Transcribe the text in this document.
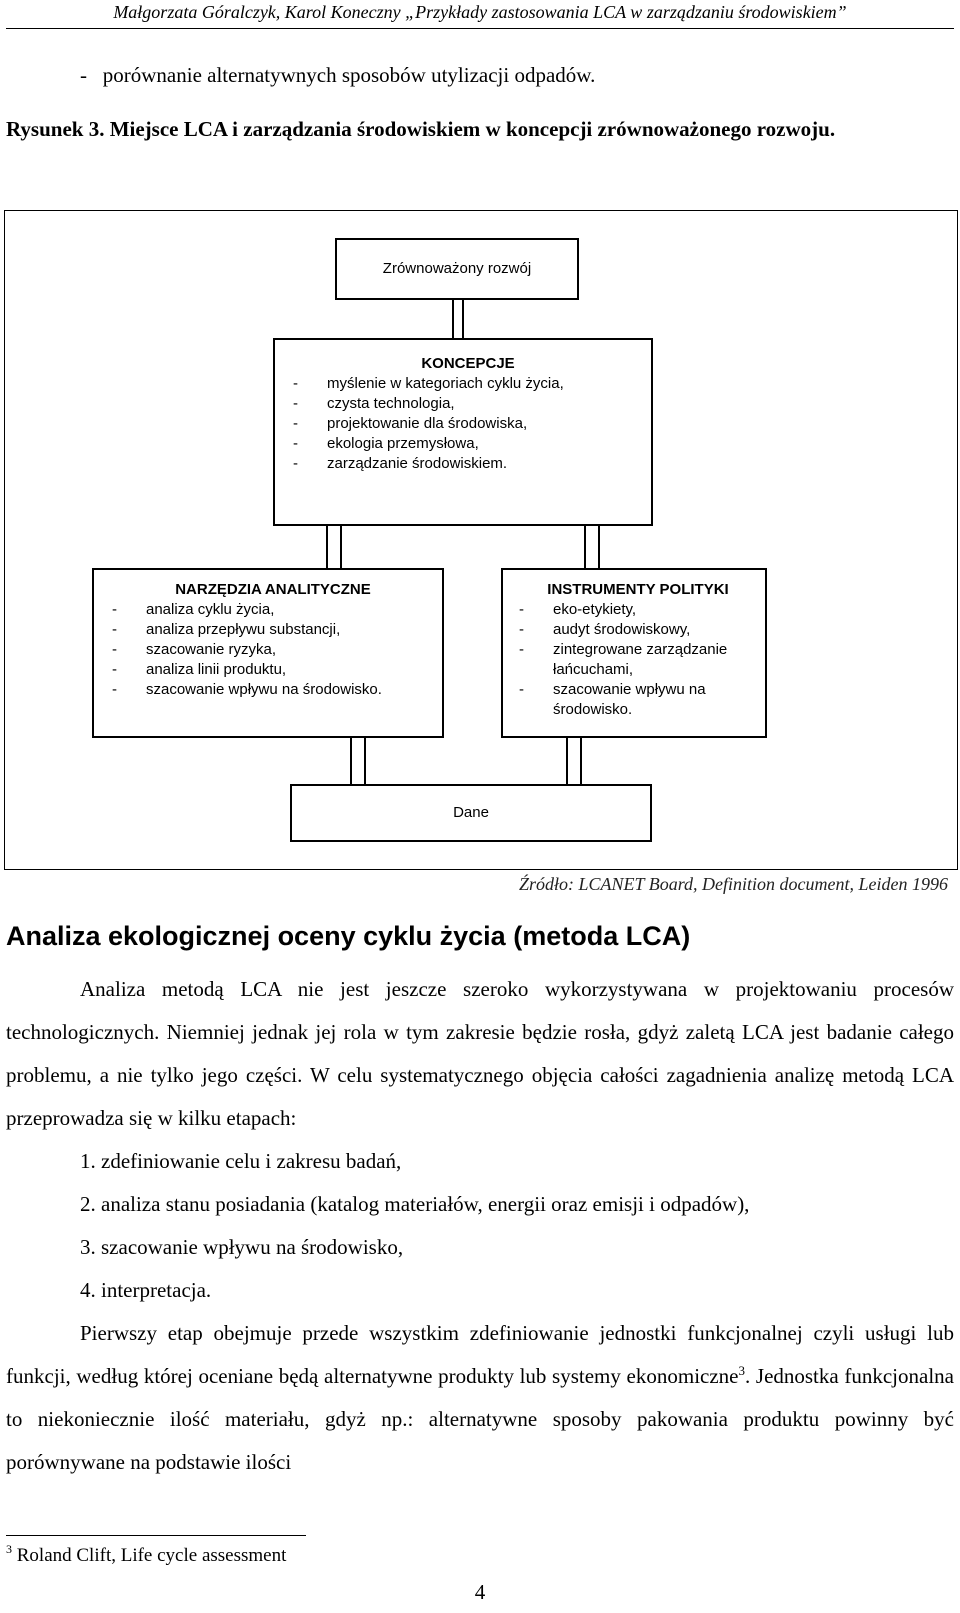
Małgorzata Góralczyk, Karol Koneczny „Przykłady zastosowania LCA w zarządzaniu środowiskiem”
- porównanie alternatywnych sposobów utylizacji odpadów.
Rysunek 3. Miejsce LCA i zarządzania środowiskiem w koncepcji zrównoważonego rozwoju.
Zrównoważony rozwój
KONCEPCJE
- myślenie w kategoriach cyklu życia,
- czysta technologia,
- projektowanie dla środowiska,
- ekologia przemysłowa,
- zarządzanie środowiskiem.
NARZĘDZIA ANALITYCZNE
- analiza cyklu życia,
- analiza przepływu substancji,
- szacowanie ryzyka,
- analiza linii produktu,
- szacowanie wpływu na środowisko.
INSTRUMENTY POLITYKI
- eko-etykiety,
- audyt środowiskowy,
- zintegrowane zarządzanie łańcuchami,
- szacowanie wpływu na środowisko.
Dane
Źródło: LCANET Board, Definition document, Leiden 1996
Analiza ekologicznej oceny cyklu życia (metoda LCA)

Analiza metodą LCA nie jest jeszcze szeroko wykorzystywana w projektowaniu procesów technologicznych. Niemniej jednak jej rola w tym zakresie będzie rosła, gdyż zaletą LCA jest badanie całego problemu, a nie tylko jego części. W celu systematycznego objęcia całości zagadnienia analizę metodą LCA przeprowadza się w kilku etapach:

1. zdefiniowanie celu i zakresu badań,
2. analiza stanu posiadania (katalog materiałów, energii oraz emisji i odpadów),
3. szacowanie wpływu na środowisko,
4. interpretacja.

Pierwszy etap obejmuje przede wszystkim zdefiniowanie jednostki funkcjonalnej czyli usługi lub funkcji, według której oceniane będą alternatywne produkty lub systemy ekonomiczne$^3$. Jednostka funkcjonalna to niekoniecznie ilość materiału, gdyż np.: alternatywne sposoby pakowania produktu powinny być porównywane na podstawie ilości

$^3$ Roland Clift, Life cycle assessment
4
